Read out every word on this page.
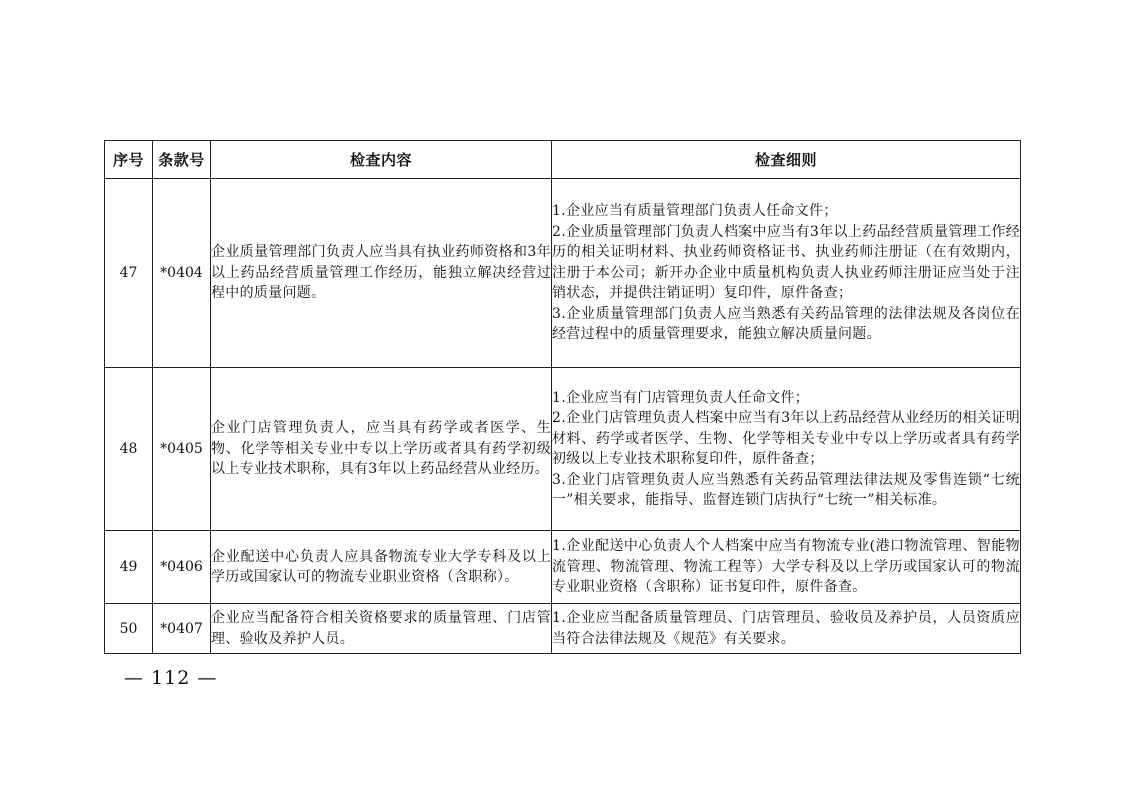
序号	条款号	检查内容	检查细则
47	*0404	企业质量管理部门负责人应当具有执业药师资格和3年以上药品经营质量管理工作经历，能独立解决经营过程中的质量问题。	1.企业应当有质量管理部门负责人任命文件；
2.企业质量管理部门负责人档案中应当有3年以上药品经营质量管理工作经历的相关证明材料、执业药师资格证书、执业药师注册证（在有效期内，注册于本公司；新开办企业中质量机构负责人执业药师注册证应当处于注销状态，并提供注销证明）复印件，原件备查；
3.企业质量管理部门负责人应当熟悉有关药品管理的法律法规及各岗位在经营过程中的质量管理要求，能独立解决质量问题。

48	*0405	企业门店管理负责人，应当具有药学或者医学、生物、化学等相关专业中专以上学历或者具有药学初级以上专业技术职称，具有3年以上药品经营从业经历。	1.企业应当有门店管理负责人任命文件；
2.企业门店管理负责人档案中应当有3年以上药品经营从业经历的相关证明材料、药学或者医学、生物、化学等相关专业中专以上学历或者具有药学初级以上专业技术职称复印件，原件备查；
3.企业门店管理负责人应当熟悉有关药品管理法律法规及零售连锁“七统一”相关要求，能指导、监督连锁门店执行“七统一”相关标准。

49	*0406	企业配送中心负责人应具备物流专业大学专科及以上学历或国家认可的物流专业职业资格（含职称）。	1.企业配送中心负责人个人档案中应当有物流专业(港口物流管理、智能物流管理、物流管理、物流工程等）大学专科及以上学历或国家认可的物流专业职业资格（含职称）证书复印件，原件备查。

50	*0407	企业应当配备符合相关资格要求的质量管理、门店管理、验收及养护人员。	1.企业应当配备质量管理员、门店管理员、验收员及养护员，人员资质应当符合法律法规及《规范》有关要求。
— 112 —
